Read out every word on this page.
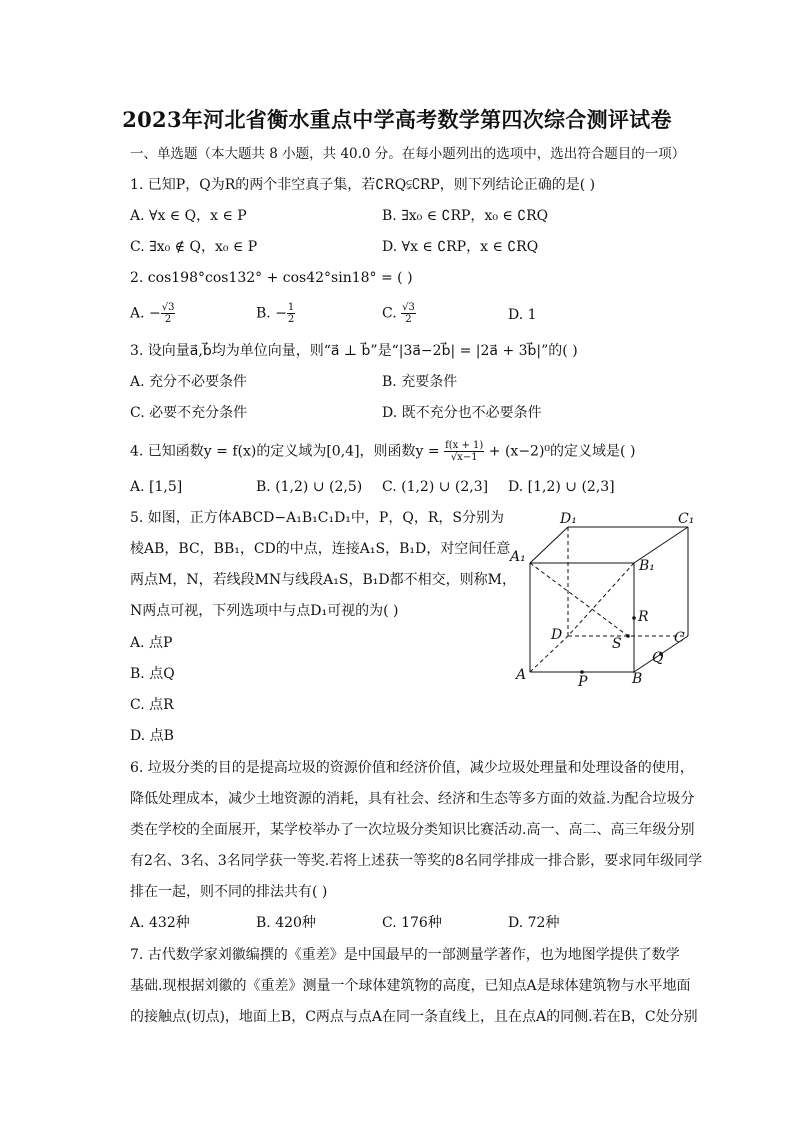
2023年河北省衡水重点中学高考数学第四次综合测评试卷
一、单选题（本大题共 8 小题，共 40.0 分。在每小题列出的选项中，选出符合题目的一项）
1. 已知P，Q为R的两个非空真子集，若∁RQ⫋∁RP，则下列结论正确的是( )
A. ∀x ∈ Q，x ∈ P	B. ∃x₀ ∈ ∁RP，x₀ ∈ ∁RQ
C. ∃x₀ ∉ Q，x₀ ∈ P	D. ∀x ∈ ∁RP，x ∈ ∁RQ
2. cos198°cos132° + cos42°sin18° = ( )
A. − $\frac{√3}{2}$	B. − $\frac{1}{2}$	C. $\frac{√3}{2}$	D. 1
3. 设向量a⃗,b⃗均为单位向量，则“a⃗ ⊥ b⃗”是“|3a⃗−2b⃗| = |2a⃗ + 3b⃗|”的( )
A. 充分不必要条件	B. 充要条件
C. 必要不充分条件	D. 既不充分也不必要条件
4. 已知函数y = f(x)的定义域为[0,4]，则函数$y = \frac{f(x + 1)}{√x-1} + (x-2)^0$的定义域是( )
A. [1,5]	B. (1,2) ∪ (2,5) C. (1,2) ∪ (2,3] D. [1,2) ∪ (2,3]
5. 如图，正方体ABCD−A₁B₁C₁D₁中，P，Q，R，S分别为
棱AB，BC，BB₁，CD的中点，连接A₁S，B₁D，对空间任意
两点M，N，若线段MN与线段A₁S，B₁D都不相交，则称M，
N两点可视，下列选项中与点D₁可视的为( )
A. 点P
B. 点Q
C. 点R
D. 点B
D₁	C₁
A₁
B₁
R
D
S	C
Q
A	P	B
6. 垃圾分类的目的是提高垃圾的资源价值和经济价值，减少垃圾处理量和处理设备的使用，
降低处理成本，减少土地资源的消耗，具有社会、经济和生态等多方面的效益.为配合垃圾分
类在学校的全面展开，某学校举办了一次垃圾分类知识比赛活动.高一、高二、高三年级分别
有2名、3名、3名同学获一等奖.若将上述获一等奖的8名同学排成一排合影，要求同年级同学
排在一起，则不同的排法共有( )
A. 432种	B. 420种	C. 176种	D. 72种
7. 古代数学家刘徽编撰的《重差》是中国最早的一部测量学著作，也为地图学提供了数学
基础.现根据刘徽的《重差》测量一个球体建筑物的高度，已知点A是球体建筑物与水平地面
的接触点(切点)，地面上B，C两点与点A在同一条直线上，且在点A的同侧.若在B，C处分别
